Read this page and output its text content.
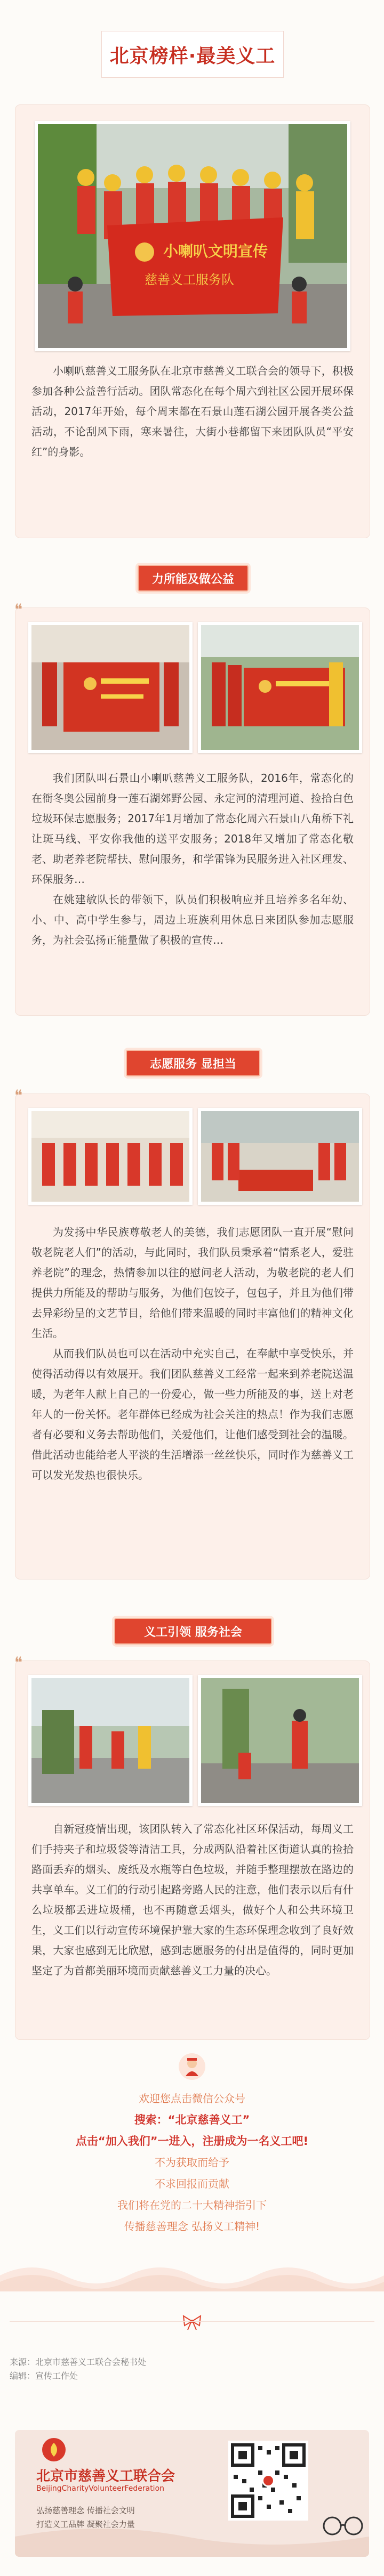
北京榜样·最美义工
小喇叭文明宣传
慈善义工服务队

小喇叭慈善义工服务队在北京市慈善义工联合会的领导下，积极参加各种公益善行活动。团队常态化在每个周六到社区公园开展环保活动，2017年开始，每个周末都在石景山莲石湖公园开展各类公益活动，不论刮风下雨，寒来暑往，大街小巷都留下来团队队员“平安红”的身影。

力所能及做公益
❝

我们团队叫石景山小喇叭慈善义工服务队，2016年，常态化的在衙冬奥公园前身一莲石湖郊野公园、永定河的清理河道、捡拾白色垃圾环保志愿服务；2017年1月增加了常态化周六石景山八角桥下礼让斑马线、平安你我他的送平安服务；2018年又增加了常态化敬老、助老养老院帮扶、慰问服务，和学雷锋为民服务进入社区理发、环保服务…

在姚建敏队长的带领下，队员们积极响应并且培养多名年幼、小、中、高中学生参与，周边上班族利用休息日来团队参加志愿服务，为社会弘扬正能量做了积极的宣传…

志愿服务 显担当
❝

为发扬中华民族尊敬老人的美德，我们志愿团队一直开展“慰问敬老院老人们”的活动，与此同时，我们队员秉承着“情系老人，爱驻养老院”的理念，热情参加以往的慰问老人活动，为敬老院的老人们提供力所能及的帮助与服务，为他们包饺子，包包子，并且为他们带去异彩纷呈的文艺节目，给他们带来温暖的同时丰富他们的精神文化生活。

从而我们队员也可以在活动中充实自己，在奉献中享受快乐，并使得活动得以有效展开。我们团队慈善义工经常一起来到养老院送温暖，为老年人献上自己的一份爱心，做一些力所能及的事，送上对老年人的一份关怀。老年群体已经成为社会关注的热点！作为我们志愿者有必要和义务去帮助他们，关爱他们，让他们感受到社会的温暖。借此活动也能给老人平淡的生活增添一丝丝快乐，同时作为慈善义工可以发光发热也很快乐。

义工引领 服务社会
❝

自新冠疫情出现，该团队转入了常态化社区环保活动，每周义工们手持夹子和垃圾袋等清洁工具，分成两队沿着社区街道认真的捡拾路面丢弃的烟头、废纸及水瓶等白色垃圾，并随手整理摆放在路边的共享单车。义工们的行动引起路旁路人民的注意，他们表示以后有什么垃圾都丢进垃圾桶，也不再随意丢烟头，做好个人和公共环境卫生，义工们以行动宣传环境保护靠大家的生态环保理念收到了良好效果，大家也感到无比欣慰，感到志愿服务的付出是值得的，同时更加坚定了为首都美丽环境而贡献慈善义工力量的决心。

欢迎您点击微信公众号
搜索：“北京慈善义工”
点击“加入我们”一进入，注册成为一名义工吧!
不为获取而给予
不求回报而贡献
我们将在党的二十大精神指引下
传播慈善理念 弘扬义工精神!
来源：北京市慈善义工联合会秘书处
编辑：宣传工作处
北京市慈善义工联合会
BeijingCharityVolunteerFederation
弘扬慈善理念 传播社会文明
打造义工品牌 凝聚社会力量
